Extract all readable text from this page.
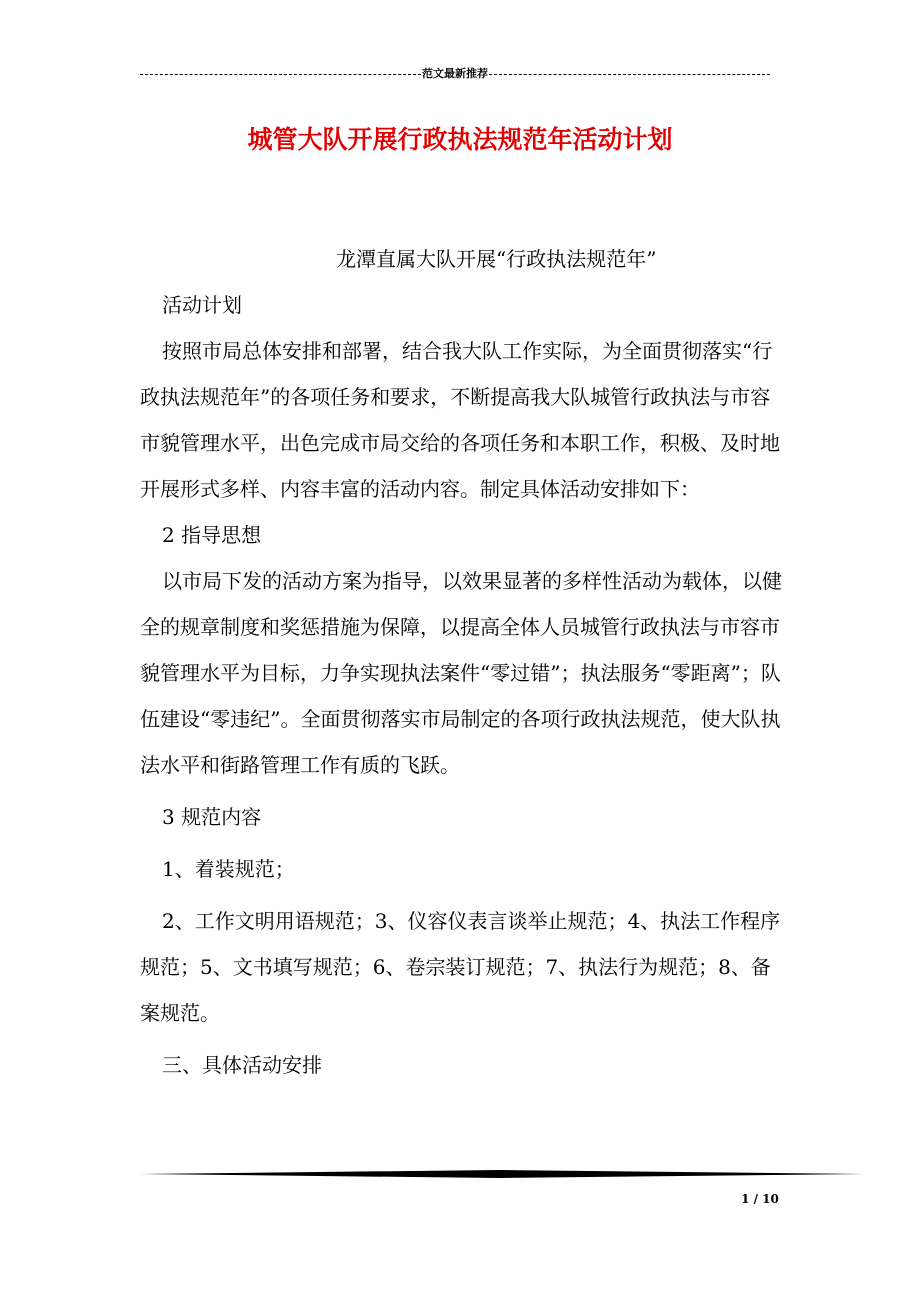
范文最新推荐
城管大队开展行政执法规范年活动计划

龙潭直属大队开展“行政执法规范年”

活动计划

按照市局总体安排和部署，结合我大队工作实际，为全面贯彻落实“行政执法规范年”的各项任务和要求，不断提高我大队城管行政执法与市容市貌管理水平，出色完成市局交给的各项任务和本职工作，积极、及时地开展形式多样、内容丰富的活动内容。制定具体活动安排如下：

2 指导思想

以市局下发的活动方案为指导，以效果显著的多样性活动为载体，以健全的规章制度和奖惩措施为保障，以提高全体人员城管行政执法与市容市貌管理水平为目标，力争实现执法案件“零过错”；执法服务“零距离”；队伍建设“零违纪”。全面贯彻落实市局制定的各项行政执法规范，使大队执法水平和街路管理工作有质的飞跃。

3 规范内容

1、着装规范；

2、工作文明用语规范；3、仪容仪表言谈举止规范；4、执法工作程序规范；5、文书填写规范；6、卷宗装订规范；7、执法行为规范；8、备案规范。

三、具体活动安排

1 / 10
